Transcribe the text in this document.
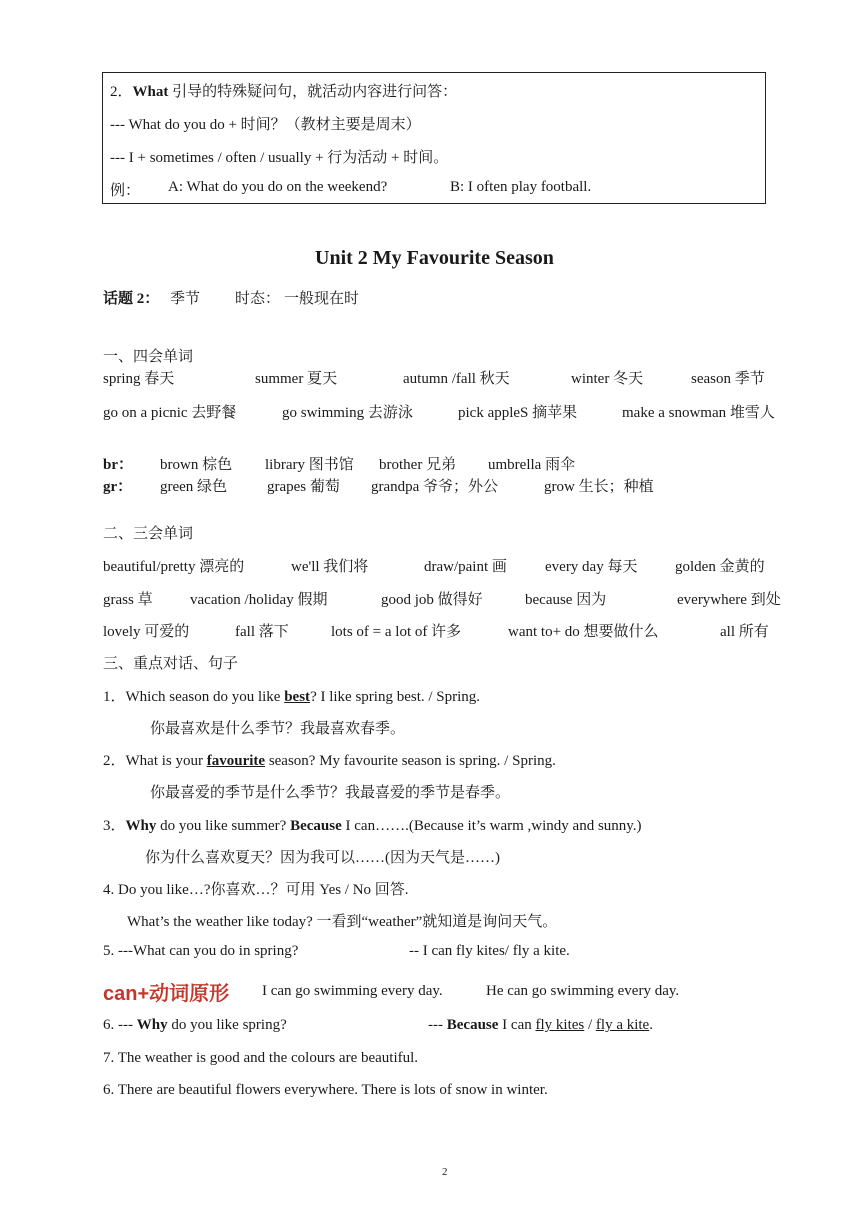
2．What 引导的特殊疑问句，就活动内容进行问答：
--- What do you do + 时间？（教材主要是周末）
--- I + sometimes / often / usually + 行为活动 + 时间。
例： A: What do you do on the weekend?	B: I often play football.
Unit 2 My Favourite Season
话题 2： 季节 时态： 一般现在时
一、四会单词
spring 春天	summer 夏天	autumn /fall 秋天	winter 冬天	season 季节
go on a picnic 去野餐	go swimming 去游泳	pick appleS 摘苹果	make a snowman 堆雪人
br： brown 棕色 library 图书馆 brother 兄弟 umbrella 雨伞
gr： green 绿色	grapes 葡萄 grandpa 爷爷；外公	grow 生长；种植
二、三会单词
beautiful/pretty 漂亮的	we'll 我们将	draw/paint 画	every day 每天	golden 金黄的
grass 草 vacation /holiday 假期	good job 做得好	because 因为	everywhere 到处
lovely 可爱的	fall 落下	lots of = a lot of 许多	want to+ do 想要做什么	all 所有
三、重点对话、句子
1．Which season do you like best? I like spring best. / Spring.
你最喜欢是什么季节？我最喜欢春季。
2．What is your favourite season? My favourite season is spring. / Spring.
你最喜爱的季节是什么季节？我最喜爱的季节是春季。
3．Why do you like summer? Because I can…….(Because it’s warm ,windy and sunny.)
你为什么喜欢夏天？因为我可以……(因为天气是……)
4. Do you like…?你喜欢…？可用 Yes / No 回答.
What’s the weather like today? 一看到“weather”就知道是询问天气。
5. ---What can you do in spring?	-- I can fly kites/ fly a kite.
can+动词原形 I can go swimming every day.	He can go swimming every day.
6. --- Why do you like spring?	--- Because I can fly kites / fly a kite.
7. The weather is good and the colours are beautiful.
6. There are beautiful flowers everywhere. There is lots of snow in winter.
2
